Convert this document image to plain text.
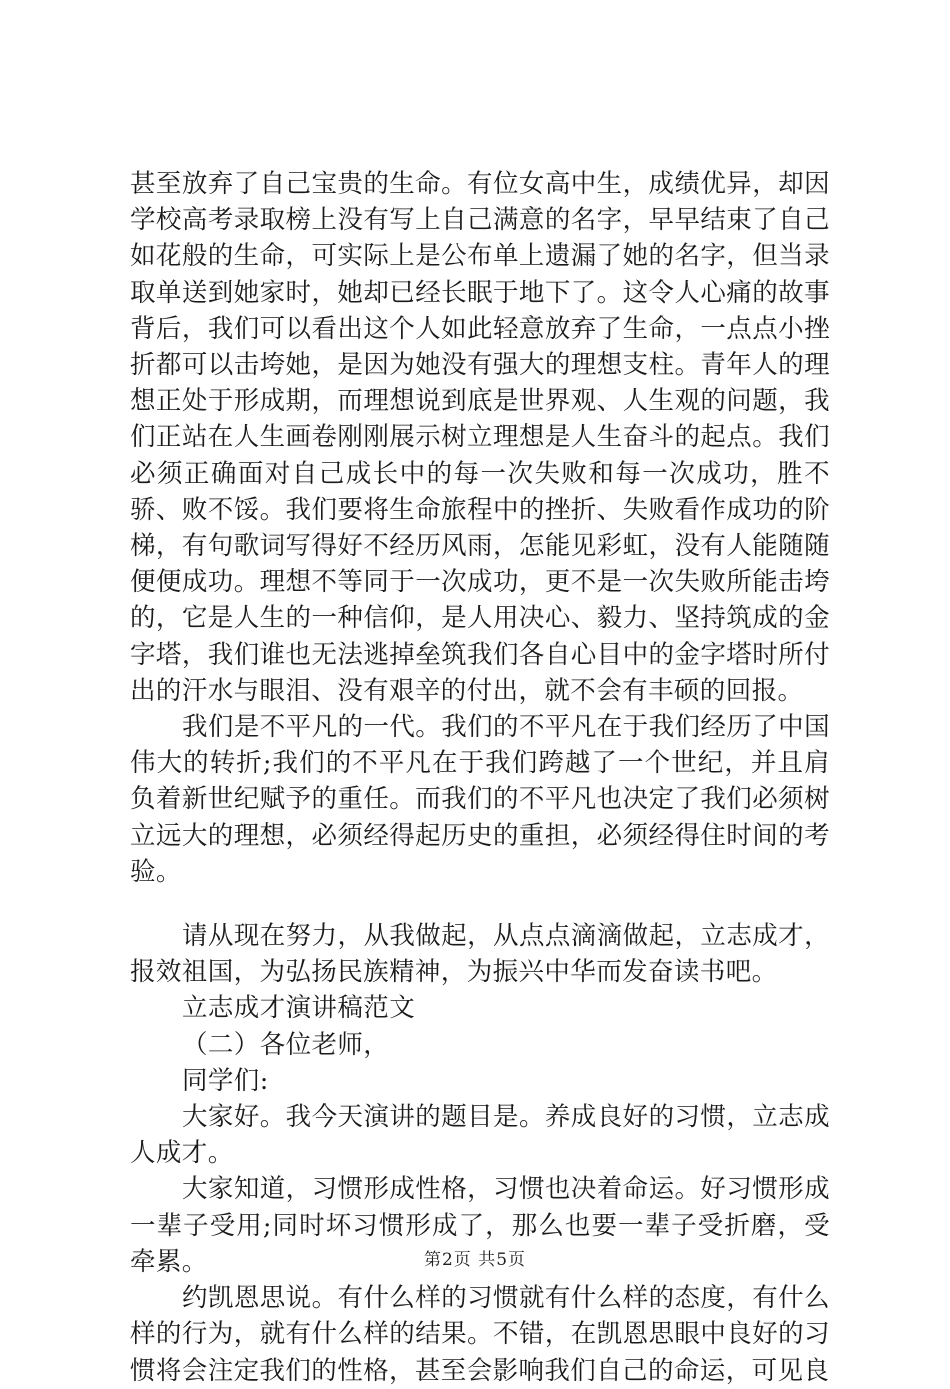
甚至放弃了自己宝贵的生命。有位女高中生，成绩优异，却因学校高考录取榜上没有写上自己满意的名字，早早结束了自己如花般的生命，可实际上是公布单上遗漏了她的名字，但当录取单送到她家时，她却已经长眠于地下了。这令人心痛的故事背后，我们可以看出这个人如此轻意放弃了生命，一点点小挫折都可以击垮她，是因为她没有强大的理想支柱。青年人的理想正处于形成期，而理想说到底是世界观、人生观的问题，我们正站在人生画卷刚刚展示树立理想是人生奋斗的起点。我们必须正确面对自己成长中的每一次失败和每一次成功，胜不骄、败不馁。我们要将生命旅程中的挫折、失败看作成功的阶梯，有句歌词写得好不经历风雨，怎能见彩虹，没有人能随随便便成功。理想不等同于一次成功，更不是一次失败所能击垮的，它是人生的一种信仰，是人用决心、毅力、坚持筑成的金字塔，我们谁也无法逃掉垒筑我们各自心目中的金字塔时所付出的汗水与眼泪、没有艰辛的付出，就不会有丰硕的回报。

我们是不平凡的一代。我们的不平凡在于我们经历了中国伟大的转折;我们的不平凡在于我们跨越了一个世纪，并且肩负着新世纪赋予的重任。而我们的不平凡也决定了我们必须树立远大的理想，必须经得起历史的重担，必须经得住时间的考验。

请从现在努力，从我做起，从点点滴滴做起，立志成才，报效祖国，为弘扬民族精神，为振兴中华而发奋读书吧。

立志成才演讲稿范文

（二）各位老师，

同学们:

大家好。我今天演讲的题目是。养成良好的习惯，立志成人成才。

大家知道，习惯形成性格，习惯也决着命运。好习惯形成一辈子受用;同时坏习惯形成了，那么也要一辈子受折磨，受牵累。

约凯恩思说。有什么样的习惯就有什么样的态度，有什么样的行为，就有什么样的结果。不错，在凯恩思眼中良好的习惯将会注定我们的性格，甚至会影响我们自己的命运，可见良

第2页 共5页
